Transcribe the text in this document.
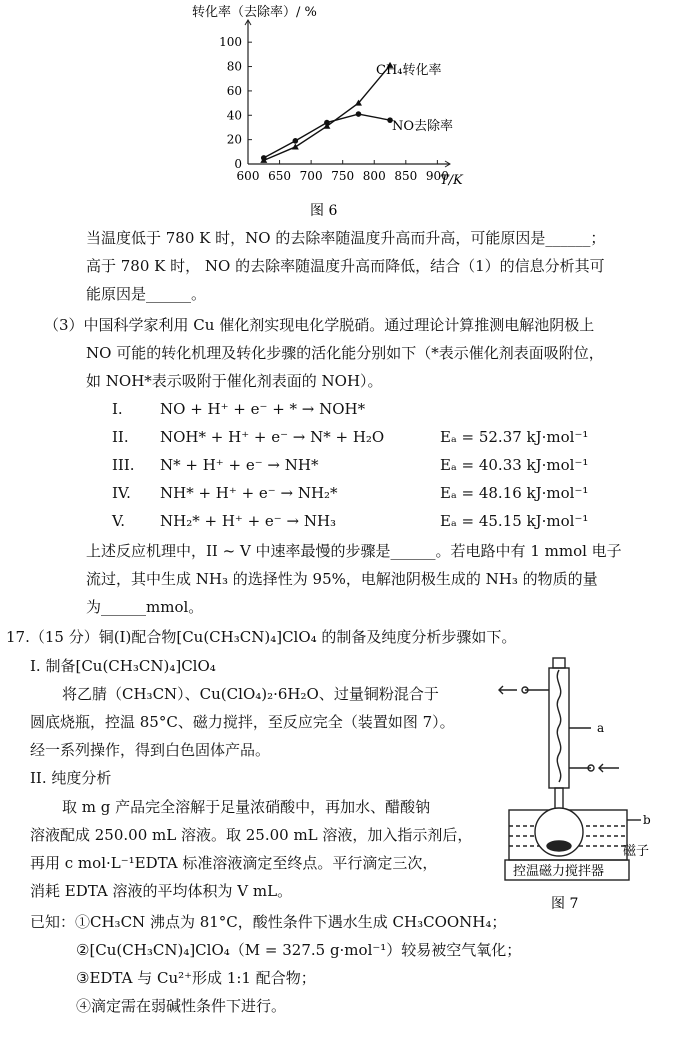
转化率（去除率）/ %
600 650 700 750 800 850 900
0
20
40
60
80
100
T/K
CH₄转化率
NO去除率
图 6
当温度低于 780 K 时，NO 的去除率随温度升高而升高，可能原因是______；
高于 780 K 时， NO 的去除率随温度升高而降低，结合（1）的信息分析其可
能原因是______。
（3）中国科学家利用 Cu 催化剂实现电化学脱硝。通过理论计算推测电解池阴极上
NO 可能的转化机理及转化步骤的活化能分别如下（*表示催化剂表面吸附位，
如 NOH*表示吸附于催化剂表面的 NOH）。
I. NO + H⁺ + e⁻ + * → NOH*
II. NOH* + H⁺ + e⁻ → N* + H₂O	Eₐ = 52.37 kJ·mol⁻¹
III. N* + H⁺ + e⁻ → NH*	Eₐ = 40.33 kJ·mol⁻¹
IV. NH* + H⁺ + e⁻ → NH₂*	Eₐ = 48.16 kJ·mol⁻¹
V. NH₂* + H⁺ + e⁻ → NH₃	Eₐ = 45.15 kJ·mol⁻¹
上述反应机理中，II ~ V 中速率最慢的步骤是______。若电路中有 1 mmol 电子
流过，其中生成 NH₃ 的选择性为 95%，电解池阴极生成的 NH₃ 的物质的量
为______mmol。
17.（15 分）铜(I)配合物[Cu(CH₃CN)₄]ClO₄ 的制备及纯度分析步骤如下。
I. 制备[Cu(CH₃CN)₄]ClO₄
将乙腈（CH₃CN）、Cu(ClO₄)₂·6H₂O、过量铜粉混合于
圆底烧瓶，控温 85°C、磁力搅拌，至反应完全（装置如图 7）。
经一系列操作，得到白色固体产品。
II. 纯度分析
取 m g 产品完全溶解于足量浓硝酸中，再加水、醋酸钠
溶液配成 250.00 mL 溶液。取 25.00 mL 溶液，加入指示剂后，
再用 c mol·L⁻¹EDTA 标准溶液滴定至终点。平行滴定三次，
消耗 EDTA 溶液的平均体积为 V mL。
已知：①CH₃CN 沸点为 81°C，酸性条件下遇水生成 CH₃COONH₄；
②[Cu(CH₃CN)₄]ClO₄（M = 327.5 g·mol⁻¹）较易被空气氧化；
③EDTA 与 Cu²⁺形成 1:1 配合物；
④滴定需在弱碱性条件下进行。
a
b
磁子
控温磁力搅拌器
图 7
